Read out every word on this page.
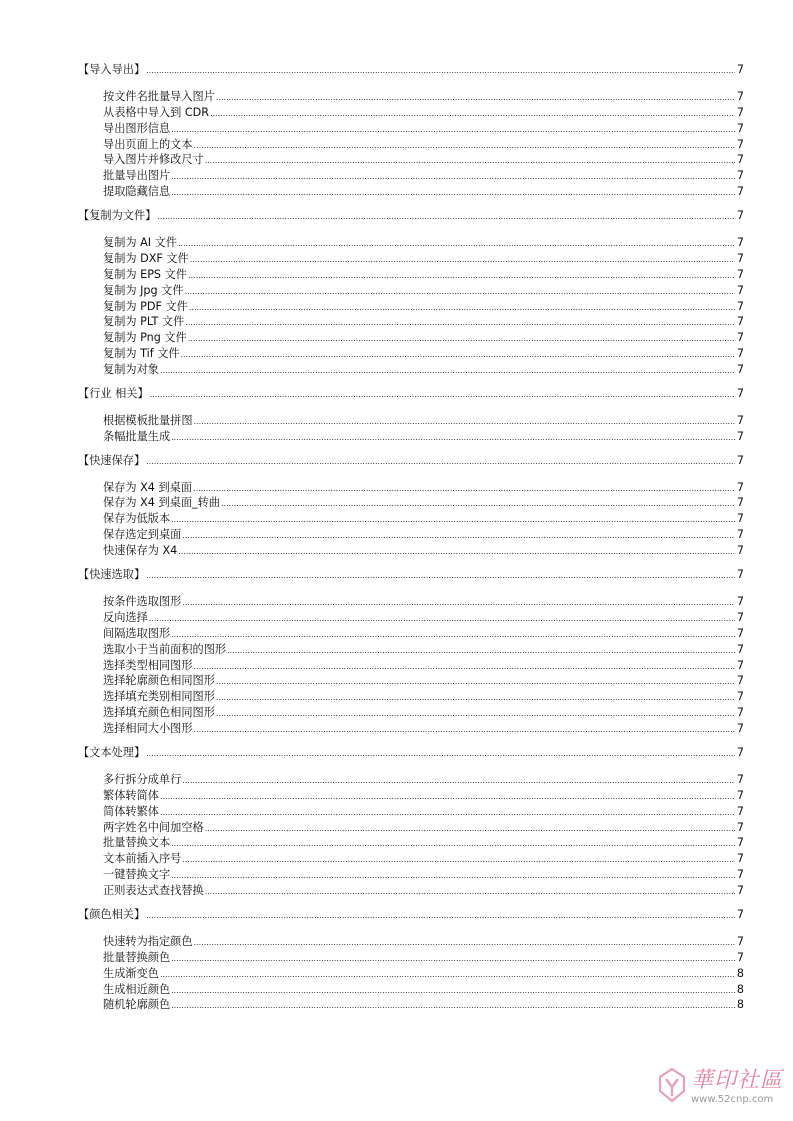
【导入导出】 .....	7
按文件名批量导入图片 .....	7
从表格中导入到 CDR .....	7
导出图形信息 .....	7
导出页面上的文本 .....	7
导入图片并修改尺寸 .....	7
批量导出图片 .....	7
提取隐藏信息 .....	7
【复制为文件】 .....	7
复制为 AI 文件 .....	7
复制为 DXF 文件 .....	7
复制为 EPS 文件 .....	7
复制为 Jpg 文件 .....	7
复制为 PDF 文件 .....	7
复制为 PLT 文件 .....	7
复制为 Png 文件 .....	7
复制为 Tif 文件 .....	7
复制为对象 .....	7
【行业 相关】 .....	7
根据模板批量拼图 .....	7
条幅批量生成 .....	7
【快速保存】 .....	7
保存为 X4 到桌面 .....	7
保存为 X4 到桌面_转曲 .....	7
保存为低版本 .....	7
保存选定到桌面 .....	7
快速保存为 X4 .....	7
【快速选取】 .....	7
按条件选取图形 .....	7
反向选择 .....	7
间隔选取图形 .....	7
选取小于当前面积的图形 .....	7
选择类型相同图形 .....	7
选择轮廓颜色相同图形 .....	7
选择填充类别相同图形 .....	7
选择填充颜色相同图形 .....	7
选择相同大小图形 .....	7
【文本处理】 .....	7
多行拆分成单行 .....	7
繁体转简体 .....	7
简体转繁体 .....	7
两字姓名中间加空格 .....	7
批量替换文本 .....	7
文本前插入序号 .....	7
一键替换文字 .....	7
正则表达式查找替换 .....	7
【颜色相关】 .....	7
快速转为指定颜色 .....	7
批量替换颜色 .....	7
生成渐变色 .....	8
生成相近颜色 .....	8
随机轮廓颜色 .....	8
華印社區
www.52cnp.com
